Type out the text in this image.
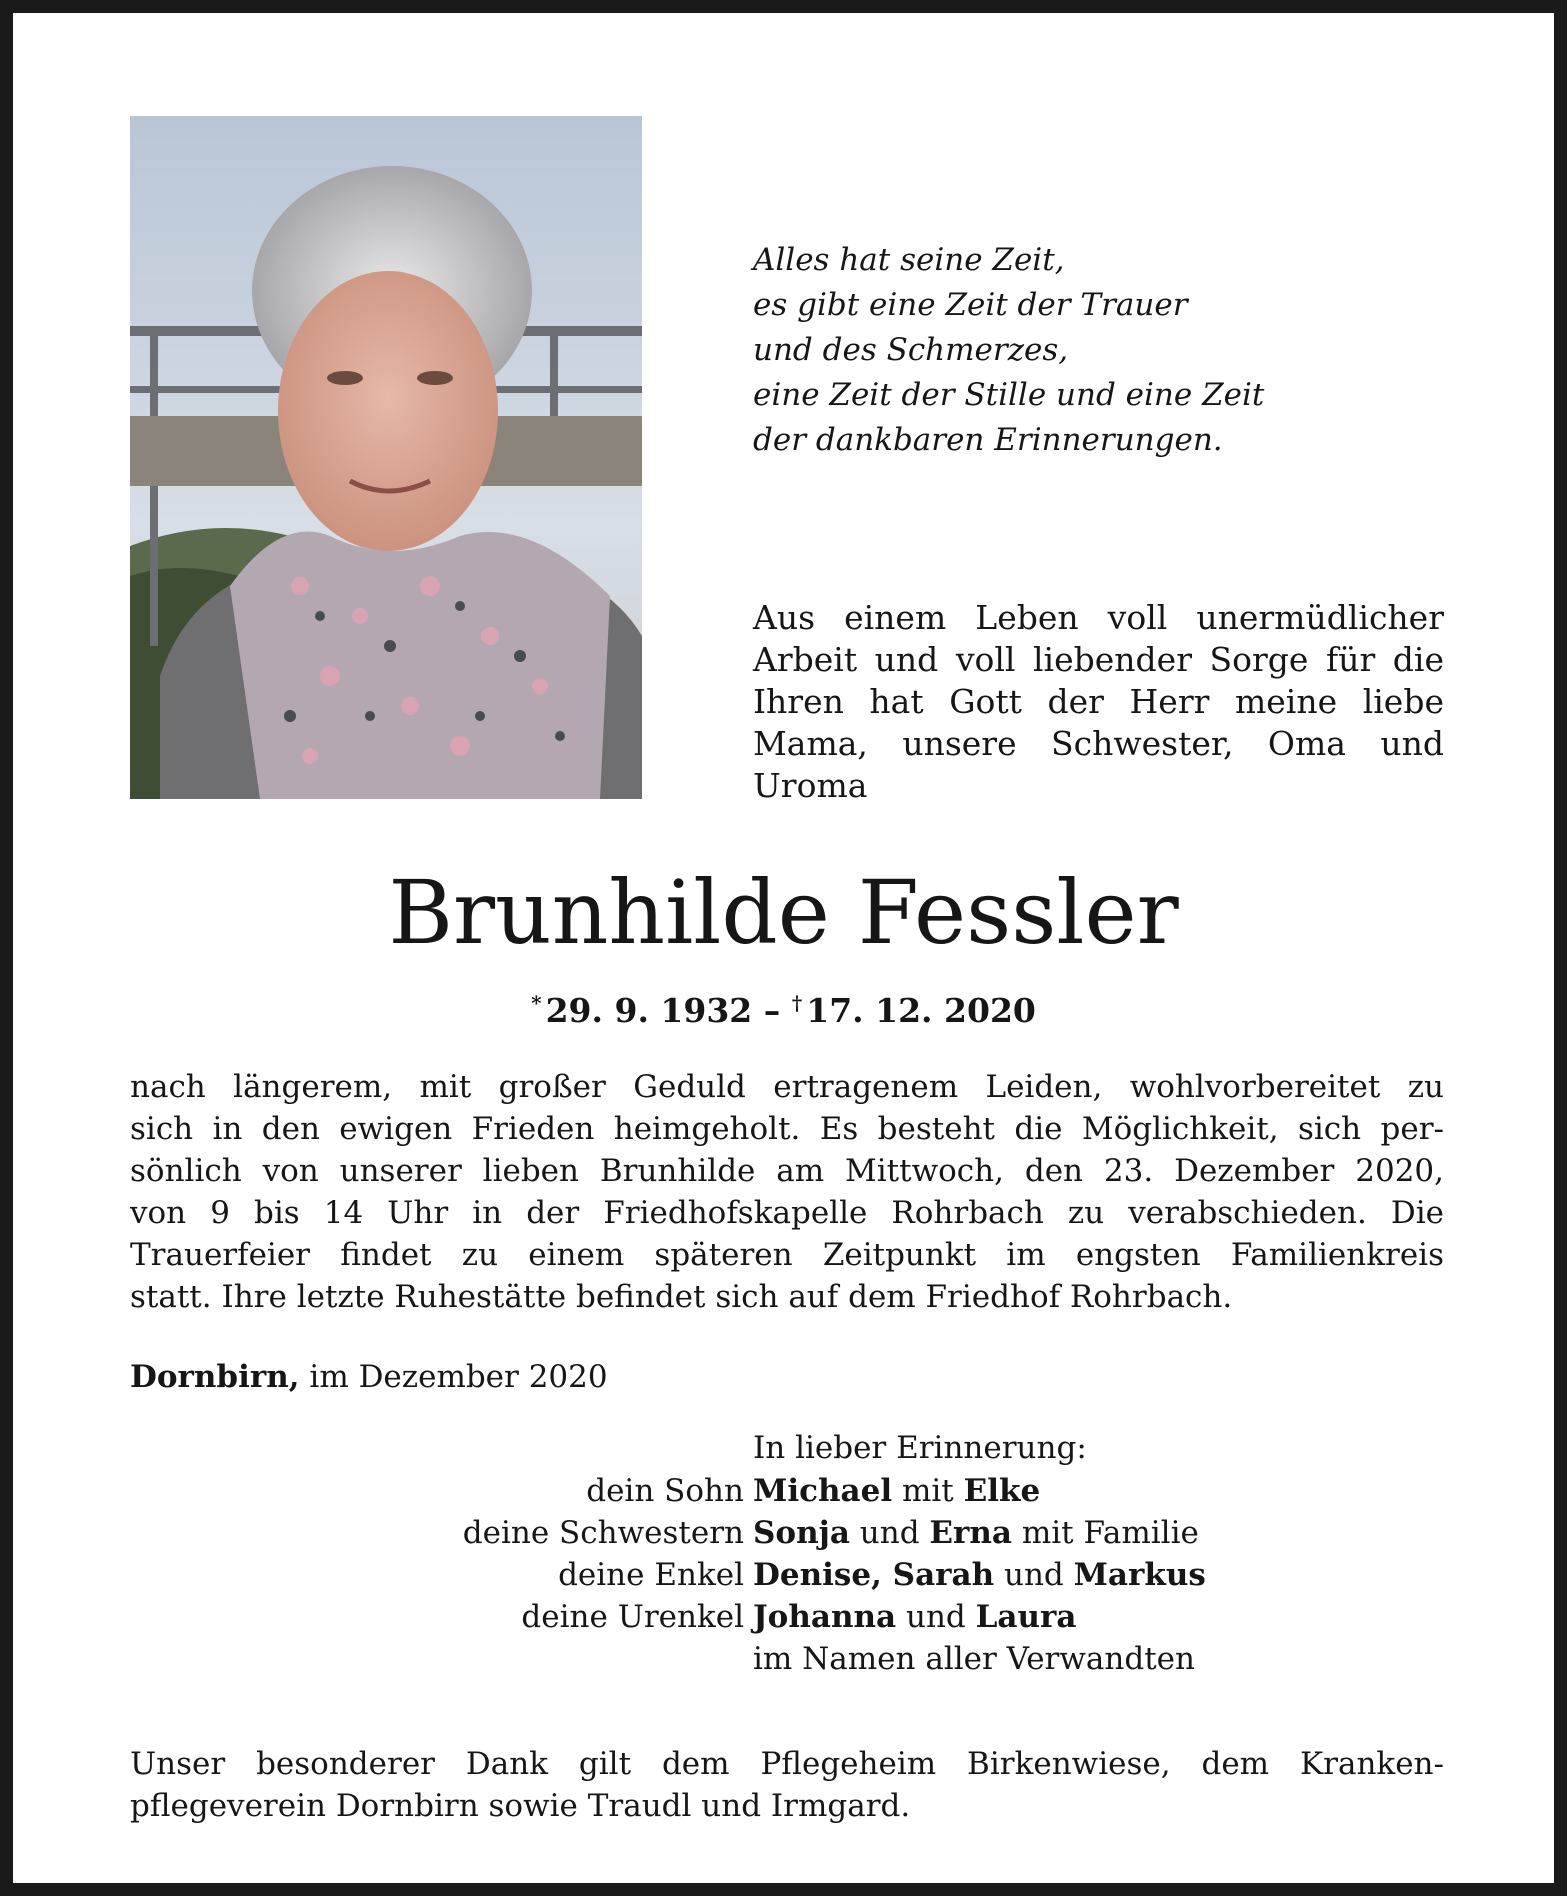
Alles hat seine Zeit,
es gibt eine Zeit der Trauer
und des Schmerzes,
eine Zeit der Stille und eine Zeit
der dankbaren Erinnerungen.
Aus einem Leben voll unermüdlicher
Arbeit und voll liebender Sorge für die
Ihren hat Gott der Herr meine liebe
Mama, unsere Schwester, Oma und
Uroma
Brunhilde Fessler
* 29. 9. 1932 – † 17. 12. 2020
nach längerem, mit großer Geduld ertragenem Leiden, wohlvorbereitet zu
sich in den ewigen Frieden heimgeholt. Es besteht die Möglichkeit, sich per-
sönlich von unserer lieben Brunhilde am Mittwoch, den 23. Dezember 2020,
von 9 bis 14 Uhr in der Friedhofskapelle Rohrbach zu verabschieden. Die
Trauerfeier findet zu einem späteren Zeitpunkt im engsten Familienkreis
statt. Ihre letzte Ruhestätte befindet sich auf dem Friedhof Rohrbach.
Dornbirn, im Dezember 2020
In lieber Erinnerung:
dein Sohn Michael mit Elke
deine Schwestern Sonja und Erna mit Familie
deine Enkel Denise, Sarah und Markus
deine Urenkel Johanna und Laura
im Namen aller Verwandten
Unser besonderer Dank gilt dem Pflegeheim Birkenwiese, dem Kranken-
pflegeverein Dornbirn sowie Traudl und Irmgard.
